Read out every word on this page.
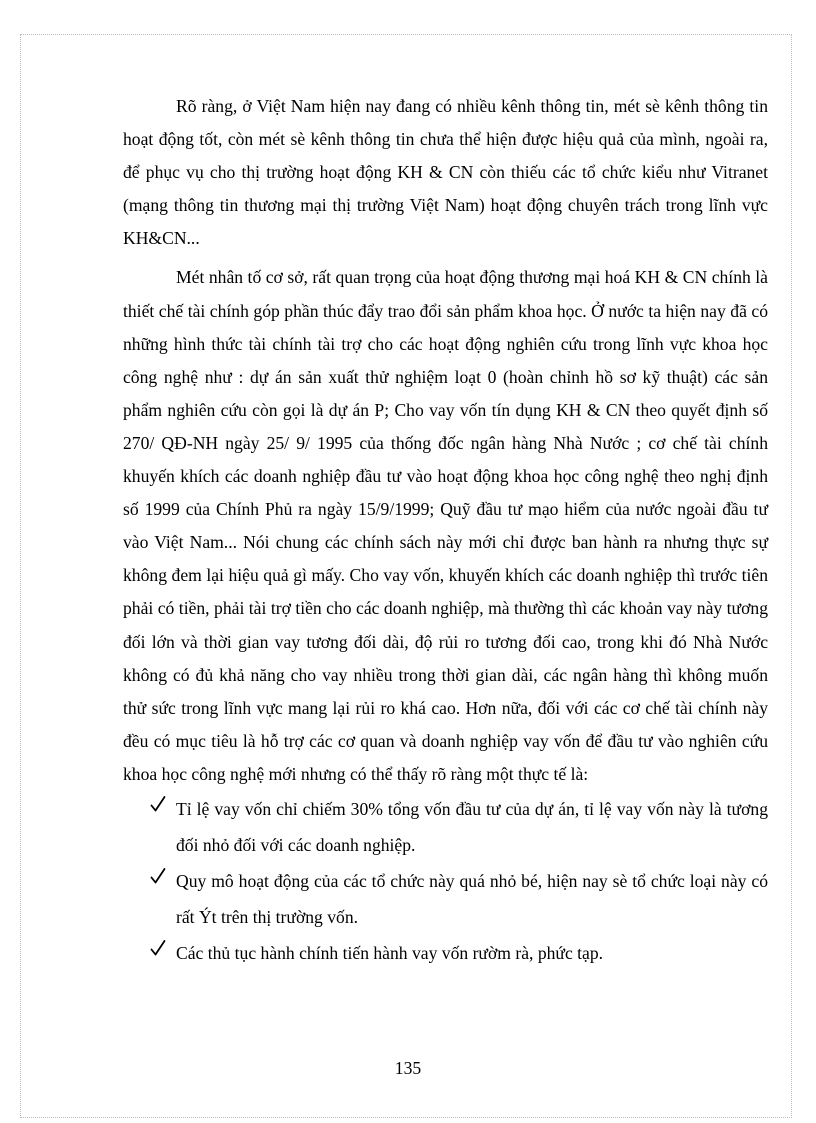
Rõ ràng, ở Việt Nam hiện nay đang có nhiều kênh thông tin, mét sè kênh thông tin hoạt động tốt, còn mét sè kênh thông tin chưa thể hiện được hiệu quả của mình, ngoài ra, để phục vụ cho thị trường hoạt động KH & CN còn thiếu các tổ chức kiểu như Vitranet (mạng thông tin thương mại thị trường Việt Nam) hoạt động chuyên trách trong lĩnh vực KH&CN...

Mét nhân tố cơ sở, rất quan trọng của hoạt động thương mại hoá KH & CN chính là thiết chế tài chính góp phần thúc đẩy trao đổi sản phẩm khoa học. Ở nước ta hiện nay đã có những hình thức tài chính tài trợ cho các hoạt động nghiên cứu trong lĩnh vực khoa học công nghệ như : dự án sản xuất thử nghiệm loạt 0 (hoàn chỉnh hồ sơ kỹ thuật) các sản phẩm nghiên cứu còn gọi là dự án P; Cho vay vốn tín dụng KH & CN theo quyết định số 270/ QĐ-NH ngày 25/ 9/ 1995 của thống đốc ngân hàng Nhà Nước ; cơ chế tài chính khuyến khích các doanh nghiệp đầu tư vào hoạt động khoa học công nghệ theo nghị định số 1999 của Chính Phủ ra ngày 15/9/1999; Quỹ đầu tư mạo hiểm của nước ngoài đầu tư vào Việt Nam... Nói chung các chính sách này mới chỉ được ban hành ra nhưng thực sự không đem lại hiệu quả gì mấy. Cho vay vốn, khuyến khích các doanh nghiệp thì trước tiên phải có tiền, phải tài trợ tiền cho các doanh nghiệp, mà thường thì các khoản vay này tương đối lớn và thời gian vay tương đối dài, độ rủi ro tương đối cao, trong khi đó Nhà Nước không có đủ khả năng cho vay nhiều trong thời gian dài, các ngân hàng thì không muốn thử sức trong lĩnh vực mang lại rủi ro khá cao. Hơn nữa, đối với các cơ chế tài chính này đều có mục tiêu là hỗ trợ các cơ quan và doanh nghiệp vay vốn để đầu tư vào nghiên cứu khoa học công nghệ mới nhưng có thể thấy rõ ràng một thực tế là:

Tỉ lệ vay vốn chỉ chiếm 30% tổng vốn đầu tư của dự án, tỉ lệ vay vốn này là tương đối nhỏ đối với các doanh nghiệp.
Quy mô hoạt động của các tổ chức này quá nhỏ bé, hiện nay sè tổ chức loại này có rất Ýt trên thị trường vốn.
Các thủ tục hành chính tiến hành vay vốn rườm rà, phức tạp.
135
